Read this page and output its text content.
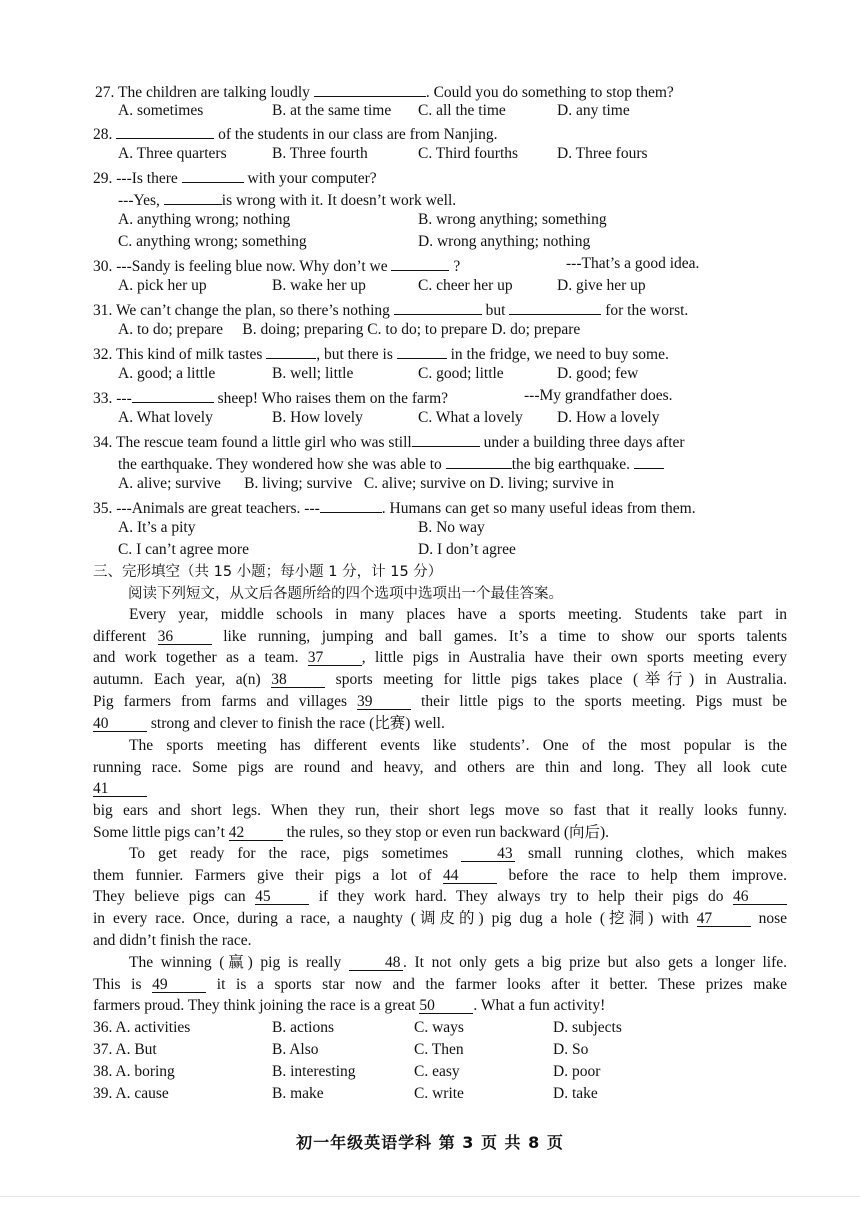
27. The children are talking loudly	. Could you do something to stop them?
A. sometimes	B. at the same time C. all the time	D. any time
28.	of the students in our class are from Nanjing.
A. Three quarters	B. Three fourth	C. Third fourths	D. Three fours
29. ---Is there	with your computer?
---Yes,	is wrong with it. It doesn’t work well.
A. anything wrong; nothing	B. wrong anything; something
C. anything wrong; something	D. wrong anything; nothing
30. ---Sandy is feeling blue now. Why don’t we	?	---That’s a good idea.
A. pick her up	B. wake her up	C. cheer her up	D. give her up
31. We can’t change the plan, so there’s nothing	but	for the worst.
A. to do; prepare     B. doing; preparing C. to do; to prepare D. do; prepare
32. This kind of milk tastes	, but there is	in the fridge, we need to buy some.
A. good; a little	B. well; little	C. good; little	D. good; few
33. ---	sheep! Who raises them on the farm?	---My grandfather does.
A. What lovely	B. How lovely	C. What a lovely D. How a lovely
34. The rescue team found a little girl who was still	under a building three days after
the earthquake. They wondered how she was able to	the big earthquake.
A. alive; survive      B. living; survive   C. alive; survive on D. living; survive in
35. ---Animals are great teachers. ---	. Humans can get so many useful ideas from them.
A. It’s a pity	B. No way
C. I can’t agree more	D. I don’t agree
三、完形填空（共 15 小题；每小题 1 分，计 15 分）
阅读下列短文，从文后各题所给的四个选项中选项出一个最佳答案。
Every year, middle schools in many places have a sports meeting. Students take part in
different 36 like running, jumping and ball games. It’s a time to show our sports talents
and work together as a team. 37 , little pigs in Australia have their own sports meeting every
autumn. Each year, a(n) 38 sports meeting for little pigs takes place (举行) in Australia.
Pig farmers from farms and villages 39 their little pigs to the sports meeting. Pigs must be
40 strong and clever to finish the race (比赛) well.
The sports meeting has different events like students’. One of the most popular is the
running race. Some pigs are round and heavy, and others are thin and long. They all look cute
41
big ears and short legs. When they run, their short legs move so fast that it really looks funny.
Some little pigs can’t 42 the rules, so they stop or even run backward (向后).
To get ready for the race, pigs sometimes 43 small running clothes, which makes
them funnier. Farmers give their pigs a lot of 44 before the race to help them improve.
They believe pigs can 45 if they work hard. They always try to help their pigs do 46
in every race. Once, during a race, a naughty (调皮的) pig dug a hole (挖洞) with 47 nose
and didn’t finish the race.
The winning (赢) pig is really 48 . It not only gets a big prize but also gets a longer life.
This is 49 it is a sports star now and the farmer looks after it better. These prizes make
farmers proud. They think joining the race is a great 50 . What a fun activity!
36. A. activities	B. actions	C. ways	D. subjects
37. A. But	B. Also	C. Then	D. So
38. A. boring	B. interesting	C. easy	D. poor
39. A. cause	B. make	C. write	D. take
初一年级英语学科 第 3 页 共 8 页
